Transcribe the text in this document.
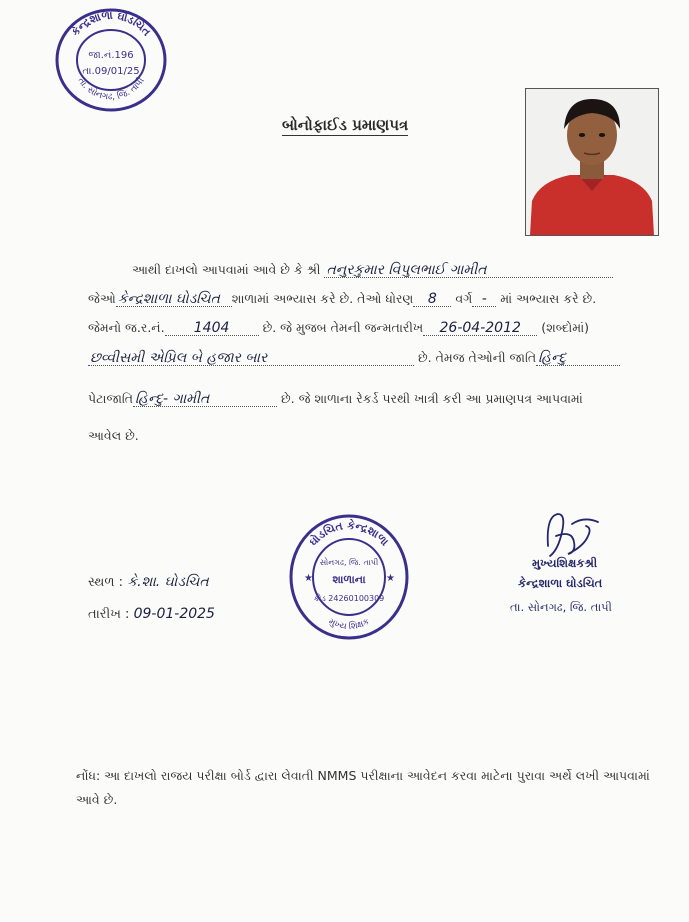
કેન્દ્રશાળા ઘોડચિત
તા. સોનગઢ, જિ. તાપી
જા.નં.196
તા.09/01/25
બોનોફાઈડ પ્રમાણપત્ર
આથી દાખલો આપવામાં આવે છે કે શ્રી તનુરકુમાર વિપુલભાઈ ગામીત
જેઓ કેન્દ્રશાળા ઘોડચિત શાળામાં અભ્યાસ કરે છે. તેઓ ધોરણ 8 વર્ગ - માં અભ્યાસ કરે છે.
જેમનો જ.ર.નં. 1404	છે. જે મુજબ તેમની જન્મતારીખ 26-04-2012 (શબ્દોમાં)
છવ્વીસમી એપ્રિલ બે હજાર બાર	છે. તેમજ તેઓની જાતિ હિન્દુ
પેટાજાતિ હિન્દુ- ગામીત	છે. જે શાળાના રેકર્ડ પરથી ખાત્રી કરી આ પ્રમાણપત્ર આપવામાં
આવેલ છે.
ઘોડચિત કેન્દ્રશાળા
મુખ્ય શિક્ષક
સોનગઢ, જિ. તાપી
શાળાના
કોડ 24260100309
★	★
મુખ્યશિક્ષકશ્રી
કેન્દ્રશાળા ઘોડચિત
તા. સોનગઢ, જિ. તાપી
સ્થળ : કે.શા. ઘોડચિત
તારીખ : 09-01-2025
નોંધ: આ દાખલો રાજય પરીક્ષા બોર્ડ દ્વારા લેવાતી NMMS પરીક્ષાના આવેદન કરવા માટેના પુરાવા અર્થે લખી આપવામાં આવે છે.
